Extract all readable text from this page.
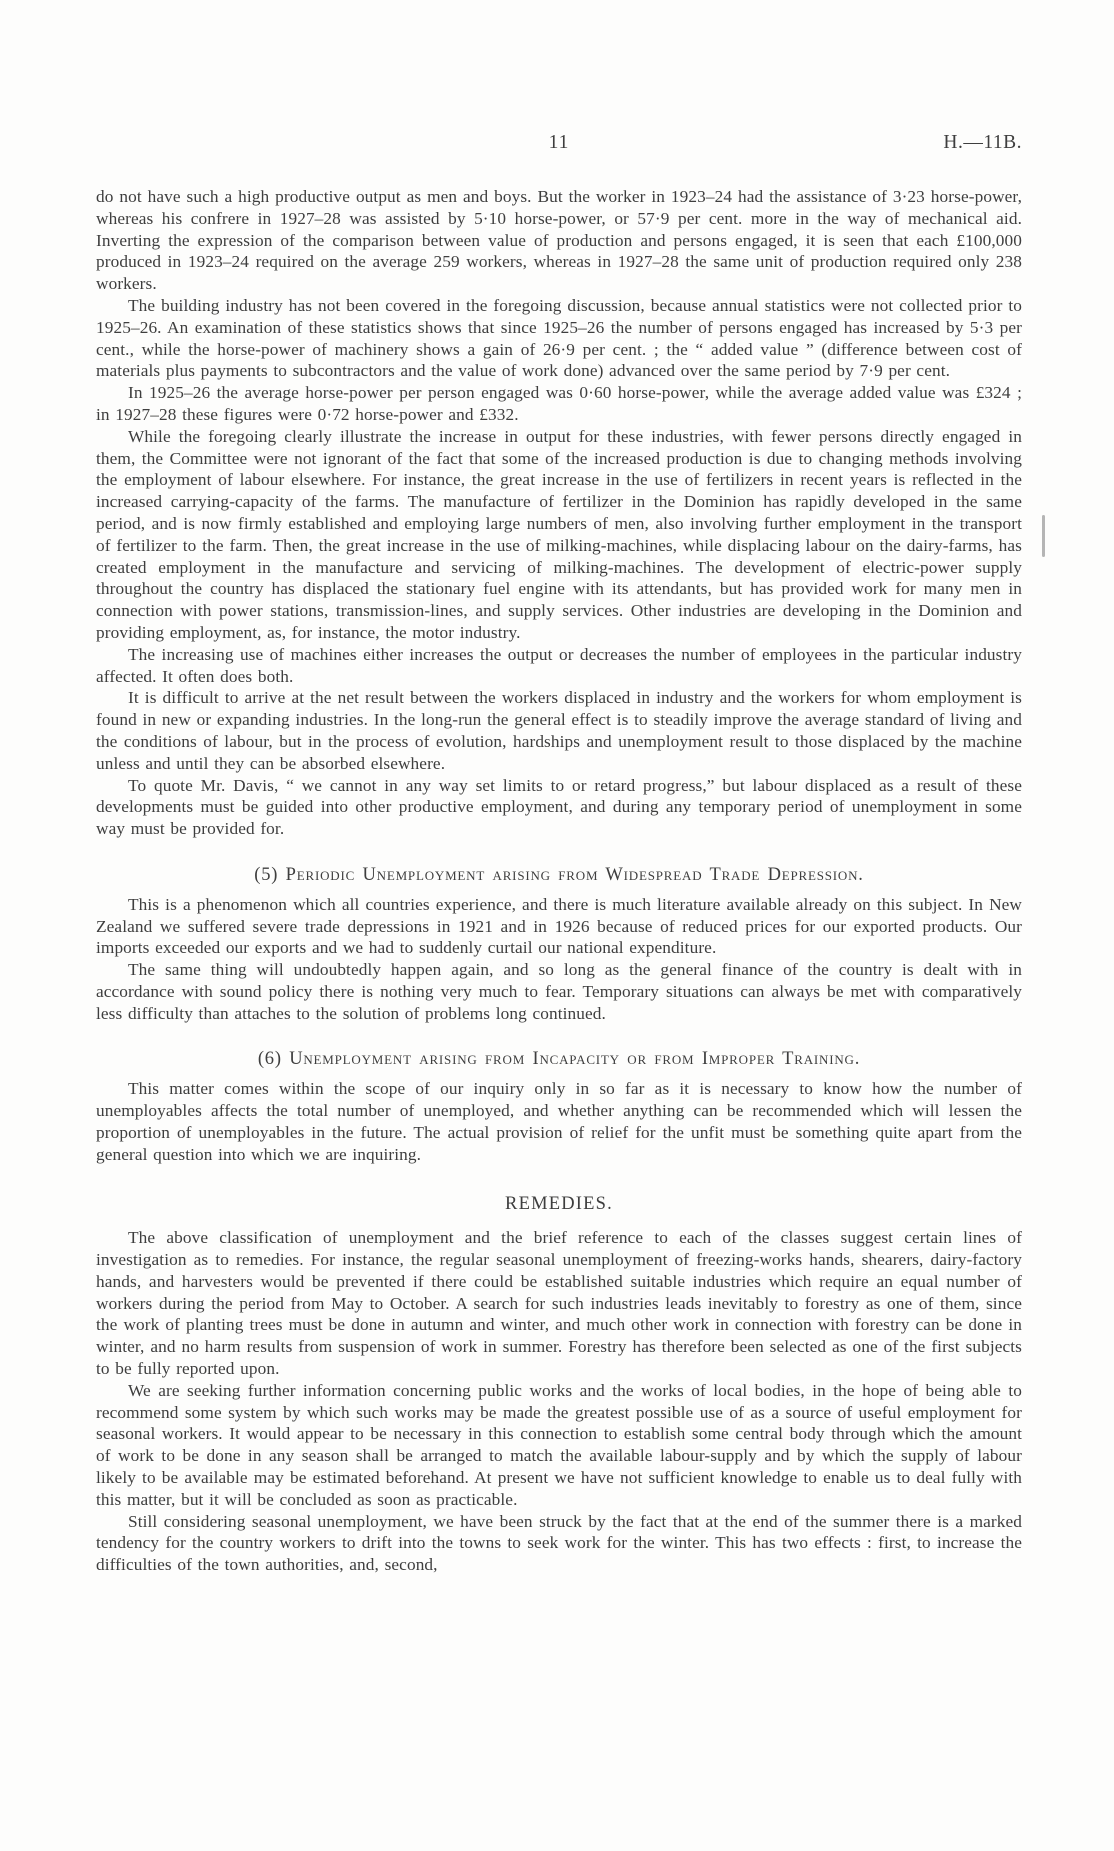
11	H.—11B.

do not have such a high productive output as men and boys. But the worker in 1923–24 had the assistance of 3·23 horse-power, whereas his confrere in 1927–28 was assisted by 5·10 horse-power, or 57·9 per cent. more in the way of mechanical aid. Inverting the expression of the comparison between value of production and persons engaged, it is seen that each £100,000 produced in 1923–24 required on the average 259 workers, whereas in 1927–28 the same unit of production required only 238 workers.

The building industry has not been covered in the foregoing discussion, because annual statistics were not collected prior to 1925–26. An examination of these statistics shows that since 1925–26 the number of persons engaged has increased by 5·3 per cent., while the horse-power of machinery shows a gain of 26·9 per cent. ; the “ added value ” (difference between cost of materials plus payments to subcontractors and the value of work done) advanced over the same period by 7·9 per cent.

In 1925–26 the average horse-power per person engaged was 0·60 horse-power, while the average added value was £324 ; in 1927–28 these figures were 0·72 horse-power and £332.

While the foregoing clearly illustrate the increase in output for these industries, with fewer persons directly engaged in them, the Committee were not ignorant of the fact that some of the increased production is due to changing methods involving the employment of labour elsewhere. For instance, the great increase in the use of fertilizers in recent years is reflected in the increased carrying-capacity of the farms. The manufacture of fertilizer in the Dominion has rapidly developed in the same period, and is now firmly established and employing large numbers of men, also involving further employment in the transport of fertilizer to the farm. Then, the great increase in the use of milking-machines, while displacing labour on the dairy-farms, has created employment in the manufacture and servicing of milking-machines. The development of electric-power supply throughout the country has displaced the stationary fuel engine with its attendants, but has provided work for many men in connection with power stations, transmission-lines, and supply services. Other industries are developing in the Dominion and providing employment, as, for instance, the motor industry.

The increasing use of machines either increases the output or decreases the number of employees in the particular industry affected. It often does both.

It is difficult to arrive at the net result between the workers displaced in industry and the workers for whom employment is found in new or expanding industries. In the long-run the general effect is to steadily improve the average standard of living and the conditions of labour, but in the process of evolution, hardships and unemployment result to those displaced by the machine unless and until they can be absorbed elsewhere.

To quote Mr. Davis, “ we cannot in any way set limits to or retard progress,” but labour displaced as a result of these developments must be guided into other productive employment, and during any temporary period of unemployment in some way must be provided for.

(5) Periodic Unemployment arising from Widespread Trade Depression.

This is a phenomenon which all countries experience, and there is much literature available already on this subject. In New Zealand we suffered severe trade depressions in 1921 and in 1926 because of reduced prices for our exported products. Our imports exceeded our exports and we had to suddenly curtail our national expenditure.

The same thing will undoubtedly happen again, and so long as the general finance of the country is dealt with in accordance with sound policy there is nothing very much to fear. Temporary situations can always be met with comparatively less difficulty than attaches to the solution of problems long continued.

(6) Unemployment arising from Incapacity or from Improper Training.

This matter comes within the scope of our inquiry only in so far as it is necessary to know how the number of unemployables affects the total number of unemployed, and whether anything can be recommended which will lessen the proportion of unemployables in the future. The actual provision of relief for the unfit must be something quite apart from the general question into which we are inquiring.

REMEDIES.

The above classification of unemployment and the brief reference to each of the classes suggest certain lines of investigation as to remedies. For instance, the regular seasonal unemployment of freezing-works hands, shearers, dairy-factory hands, and harvesters would be prevented if there could be established suitable industries which require an equal number of workers during the period from May to October. A search for such industries leads inevitably to forestry as one of them, since the work of planting trees must be done in autumn and winter, and much other work in connection with forestry can be done in winter, and no harm results from suspension of work in summer. Forestry has therefore been selected as one of the first subjects to be fully reported upon.

We are seeking further information concerning public works and the works of local bodies, in the hope of being able to recommend some system by which such works may be made the greatest possible use of as a source of useful employment for seasonal workers. It would appear to be necessary in this connection to establish some central body through which the amount of work to be done in any season shall be arranged to match the available labour-supply and by which the supply of labour likely to be available may be estimated beforehand. At present we have not sufficient knowledge to enable us to deal fully with this matter, but it will be concluded as soon as practicable.

Still considering seasonal unemployment, we have been struck by the fact that at the end of the summer there is a marked tendency for the country workers to drift into the towns to seek work for the winter. This has two effects : first, to increase the difficulties of the town authorities, and, second,
